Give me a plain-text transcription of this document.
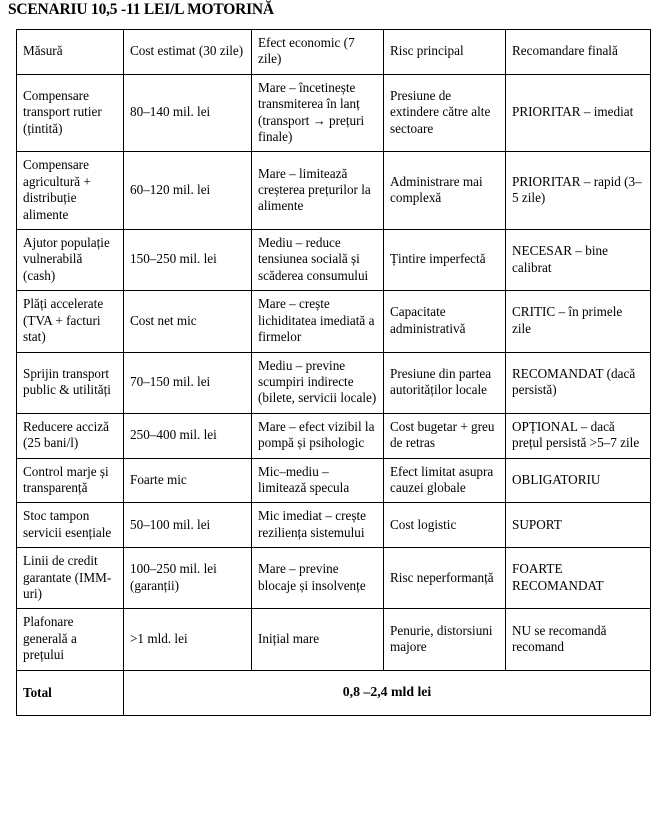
SCENARIU 10,5 -11 LEI/L MOTORINĂ
Măsură	Cost estimat (30 zile)	Efect economic (7 zile)	Risc principal	Recomandare finală
Compensare transport rutier (țintită)	80–140 mil. lei	Mare – încetinește transmiterea în lanț (transport → prețuri finale)	Presiune de extindere către alte sectoare	PRIORITAR – imediat
Compensare agricultură + distribuție alimente	60–120 mil. lei	Mare – limitează creșterea prețurilor la alimente	Administrare mai complexă	PRIORITAR – rapid (3–5 zile)
Ajutor populație vulnerabilă (cash)	150–250 mil. lei	Mediu – reduce tensiunea socială și scăderea consumului	Țintire imperfectă	NECESAR – bine calibrat
Plăți accelerate (TVA + facturi stat)	Cost net mic	Mare – crește lichiditatea imediată a firmelor	Capacitate administrativă	CRITIC – în primele zile
Sprijin transport public & utilități	70–150 mil. lei	Mediu – previne scumpiri indirecte (bilete, servicii locale)	Presiune din partea autorităților locale	RECOMANDAT (dacă persistă)
Reducere acciză (25 bani/l)	250–400 mil. lei	Mare – efect vizibil la pompă și psihologic	Cost bugetar + greu de retras	OPȚIONAL – dacă prețul persistă >5–7 zile
Control marje și transparență	Foarte mic	Mic–mediu – limitează specula	Efect limitat asupra cauzei globale	OBLIGATORIU
Stoc tampon servicii esențiale	50–100 mil. lei	Mic imediat – crește reziliența sistemului	Cost logistic	SUPORT
Linii de credit garantate (IMM-uri)	100–250 mil. lei (garanții)	Mare – previne blocaje și insolvențe	Risc neperformanță	FOARTE RECOMANDAT
Plafonare generală a prețului	>1 mld. lei	Inițial mare	Penurie, distorsiuni majore	NU se recomandă recomand
Total	0,8 –2,4 mld lei			
